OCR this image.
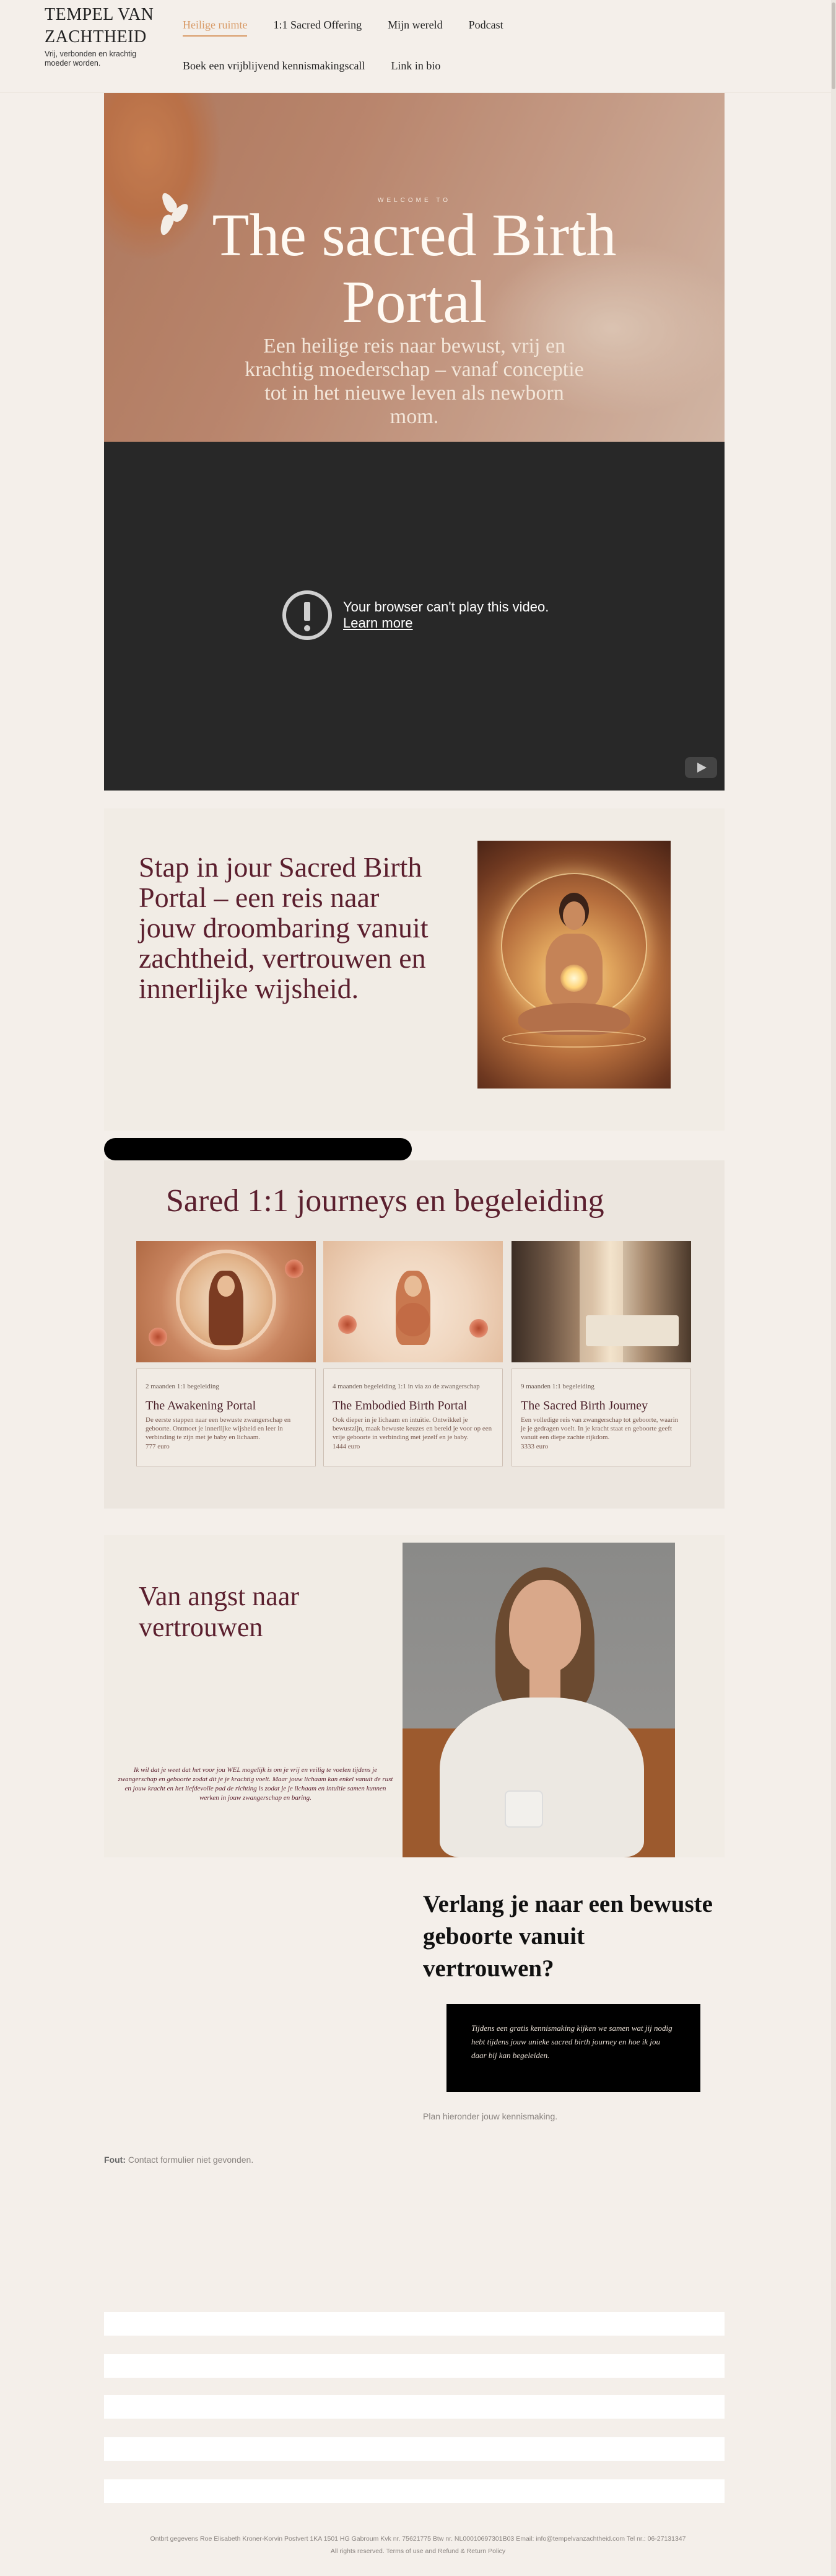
TEMPEL VAN ZACHTHEID
Vrij, verbonden en krachtig moeder worden.
Heilige ruimte 1:1 Sacred Offering Mijn wereld Podcast
Boek een vrijblijvend kennismakingscall Link in bio
WELCOME TO
The sacred Birth Portal
Een heilige reis naar bewust, vrij en krachtig moederschap – vanaf conceptie tot in het nieuwe leven als newborn mom.
Your browser can't play this video.
Learn more
Stap in jour Sacred Birth Portal – een reis naar jouw droombaring vanuit zachtheid, vertrouwen en innerlijke wijsheid.
Sared 1:1 journeys en begeleiding
2 maanden 1:1 begeleiding
The Awakening Portal
De eerste stappen naar een bewuste zwangerschap en geboorte. Ontmoet je innerlijke wijsheid en leer in verbinding te zijn met je baby en lichaam.
777 euro
4 maanden begeleiding 1:1 in via zo de zwangerschap
The Embodied Birth Portal
Ook dieper in je lichaam en intuïtie. Ontwikkel je bewustzijn, maak bewuste keuzes en bereid je voor op een vrije geboorte in verbinding met jezelf en je baby.
1444 euro
9 maanden 1:1 begeleiding
The Sacred Birth Journey
Een volledige reis van zwangerschap tot geboorte, waarin je je gedragen voelt. In je kracht staat en geboorte geeft vanuit een diepe zachte rijkdom.
3333 euro
Van angst naar vertrouwen

Ik wil dat je weet dat het voor jou WEL mogelijk is om je vrij en veilig te voelen tijdens je zwangerschap en geboorte zodat dit je je krachtig voelt. Maar jouw lichaam kan enkel vanuit de rust en jouw kracht en het liefdevolle pad de richting is zodat je je lichaam en intuïtie samen kunnen werken in jouw zwangerschap en baring.

Verlang je naar een bewuste geboorte vanuit vertrouwen?

Tijdens een gratis kennismaking kijken we samen wat jij nodig hebt tijdens jouw unieke sacred birth journey en hoe ik jou daar bij kan begeleiden.

Plan hieronder jouw kennismaking.
Fout: Contact formulier niet gevonden.
Ontbrt gegevens Roe Elisabeth Kroner-Korvin Postvert 1KA 1501 HG Gabroum Kvk nr. 75621775 Btw nr. NL00010697301B03 Email: info@tempelvanzachtheid.com Tel nr.: 06-27131347
All rights reserved. Terms of use and Refund & Return Policy
